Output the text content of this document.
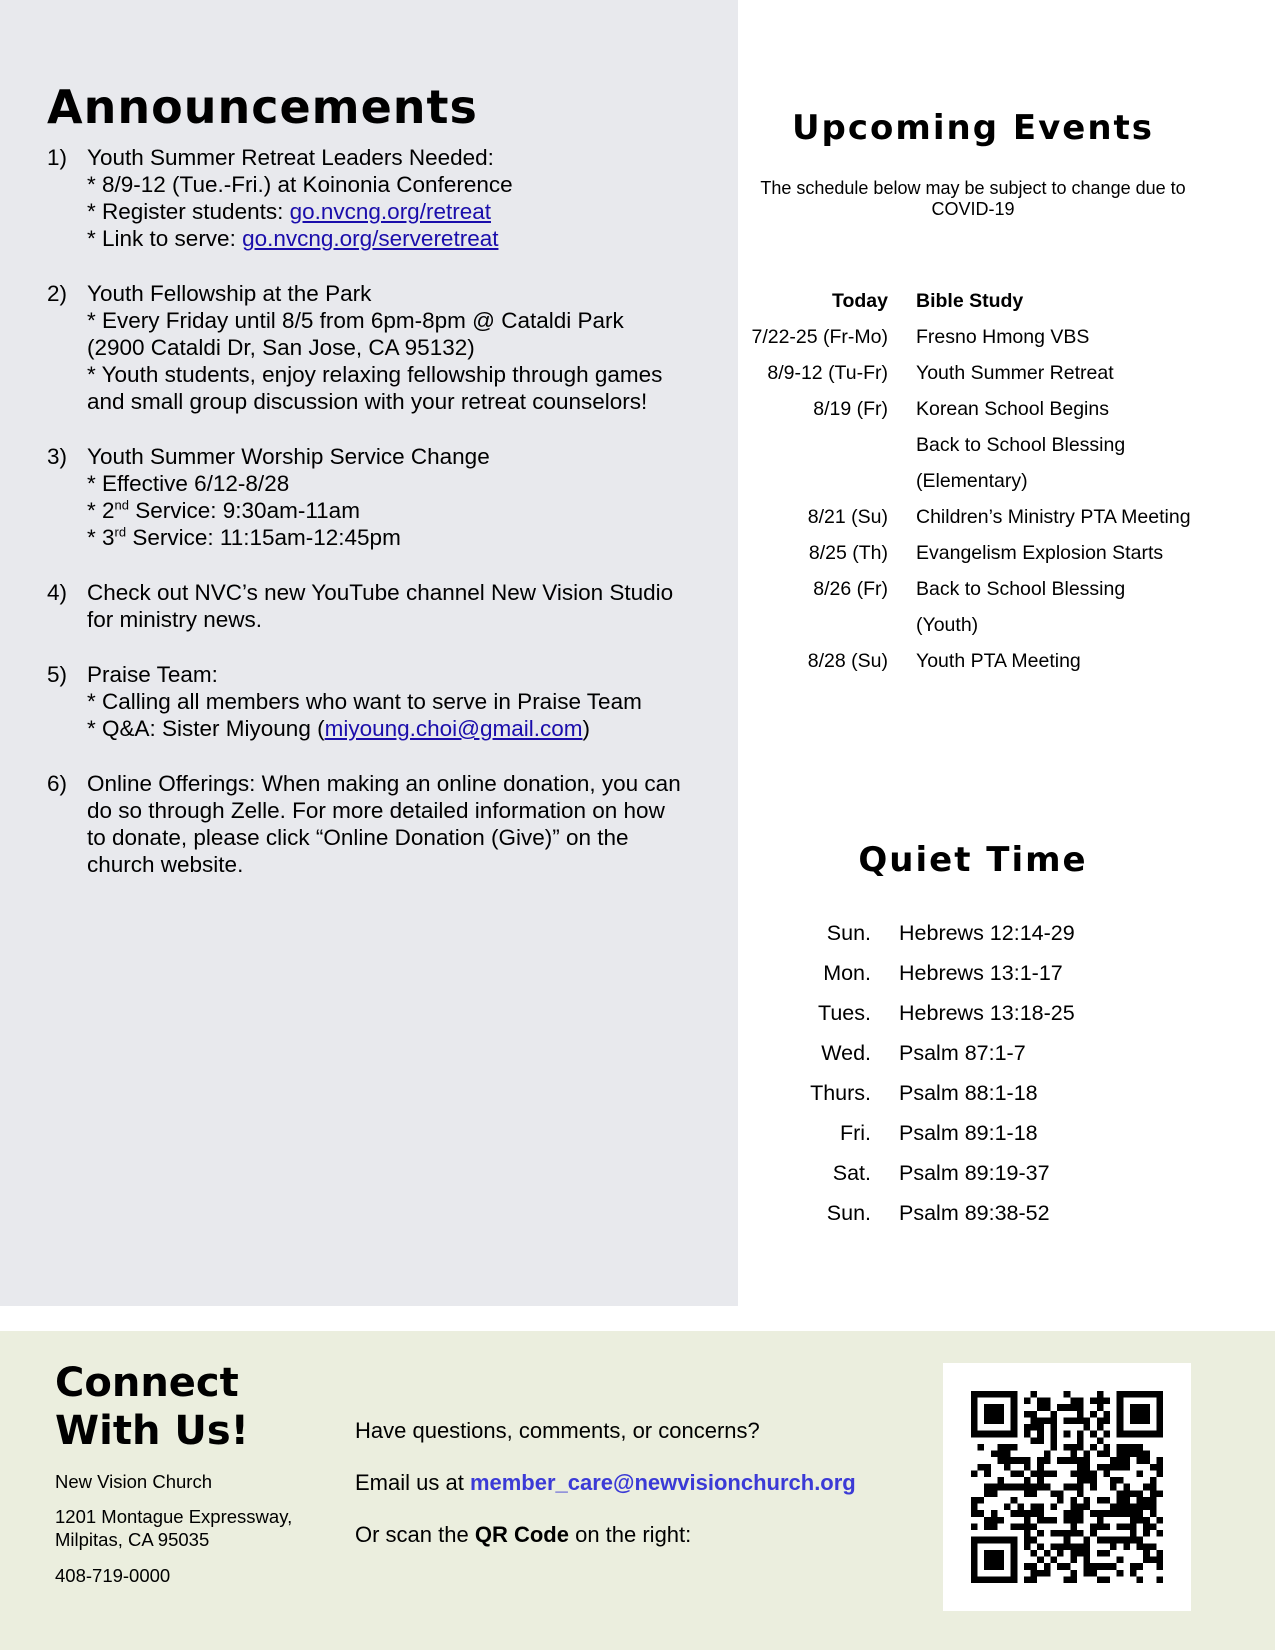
Announcements
1) Youth Summer Retreat Leaders Needed:
* 8/9-12 (Tue.-Fri.) at Koinonia Conference
* Register students: go.nvcng.org/retreat
* Link to serve: go.nvcng.org/serveretreat
2) Youth Fellowship at the Park
* Every Friday until 8/5 from 6pm-8pm @ Cataldi Park
(2900 Cataldi Dr, San Jose, CA 95132)
* Youth students, enjoy relaxing fellowship through games
and small group discussion with your retreat counselors!
3) Youth Summer Worship Service Change
* Effective 6/12-8/28
* 2nd Service: 9:30am-11am
* 3rd Service: 11:15am-12:45pm
4) Check out NVC’s new YouTube channel New Vision Studio
for ministry news.
5) Praise Team:
* Calling all members who want to serve in Praise Team
* Q&A: Sister Miyoung (miyoung.choi@gmail.com)
6) Online Offerings: When making an online donation, you can
do so through Zelle. For more detailed information on how
to donate, please click “Online Donation (Give)” on the
church website.
Upcoming Events

The schedule below may be subject to change due to
COVID-19

Today	Bible Study
7/22-25 (Fr-Mo)	Fresno Hmong VBS
8/9-12 (Tu-Fr)	Youth Summer Retreat
8/19 (Fr)	Korean School Begins
Back to School Blessing
(Elementary)
8/21 (Su)	Children’s Ministry PTA Meeting
8/25 (Th)	Evangelism Explosion Starts
8/26 (Fr)	Back to School Blessing
(Youth)
8/28 (Su)	Youth PTA Meeting
Quiet Time
Sun.	Hebrews 12:14-29
Mon.	Hebrews 13:1-17
Tues.	Hebrews 13:18-25
Wed.	Psalm 87:1-7
Thurs.	Psalm 88:1-18
Fri.	Psalm 89:1-18
Sat.	Psalm 89:19-37
Sun.	Psalm 89:38-52
Connect
With Us!
New Vision Church
1201 Montague Expressway,
Milpitas, CA 95035
408-719-0000
Have questions, comments, or concerns?
Email us at member_care@newvisionchurch.org
Or scan the QR Code on the right:
